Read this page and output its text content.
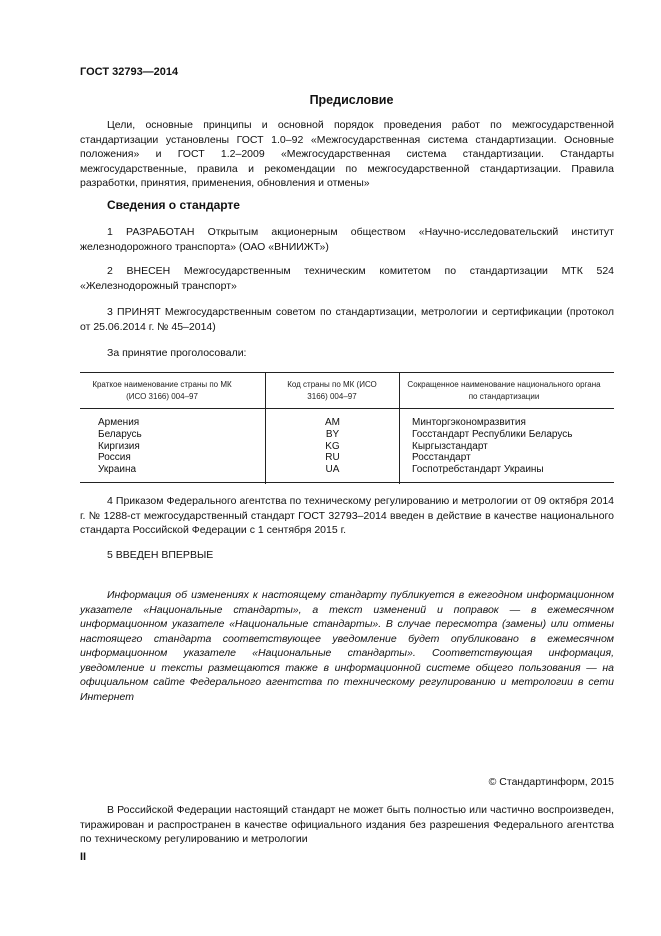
ГОСТ 32793—2014
Предисловие
Цели, основные принципы и основной порядок проведения работ по межгосударственной стандартизации установлены ГОСТ 1.0–92 «Межгосударственная система стандартизации. Основные положения» и ГОСТ 1.2–2009 «Межгосударственная система стандартизации. Стандарты межгосударственные, правила и рекомендации по межгосударственной стандартизации. Правила разработки, принятия, применения, обновления и отмены»
Сведения о стандарте
1 РАЗРАБОТАН Открытым акционерным обществом «Научно-исследовательский институт железнодорожного транспорта» (ОАО «ВНИИЖТ»)
2 ВНЕСЕН Межгосударственным техническим комитетом по стандартизации МТК 524 «Железнодорожный транспорт»
3 ПРИНЯТ Межгосударственным советом по стандартизации, метрологии и сертификации (протокол от 25.06.2014 г. № 45–2014)
За принятие проголосовали:
Краткое наименование страны по МК (ИСО 3166) 004–97
Код страны по МК (ИСО 3166) 004–97
Сокращенное наименование национального органа по стандартизации
Армения
Беларусь
Киргизия
Россия
Украина
AM
BY
KG
RU
UA
Минторгэкономразвития
Госстандарт Республики Беларусь
Кыргызстандарт
Росстандарт
Госпотребстандарт Украины
4 Приказом Федерального агентства по техническому регулированию и метрологии от 09 октября 2014 г. № 1288-ст межгосударственный стандарт ГОСТ 32793–2014 введен в действие в качестве национального стандарта Российской Федерации с 1 сентября 2015 г.
5 ВВЕДЕН ВПЕРВЫЕ
Информация об изменениях к настоящему стандарту публикуется в ежегодном информационном указателе «Национальные стандарты», а текст изменений и поправок — в ежемесячном информационном указателе «Национальные стандарты». В случае пересмотра (замены) или отмены настоящего стандарта соответствующее уведомление будет опубликовано в ежемесячном информационном указателе «Национальные стандарты». Соответствующая информация, уведомление и тексты размещаются также в информационной системе общего пользования — на официальном сайте Федерального агентства по техническому регулированию и метрологии в сети Интернет
© Стандартинформ, 2015
В Российской Федерации настоящий стандарт не может быть полностью или частично воспроизведен, тиражирован и распространен в качестве официального издания без разрешения Федерального агентства по техническому регулированию и метрологии
II
